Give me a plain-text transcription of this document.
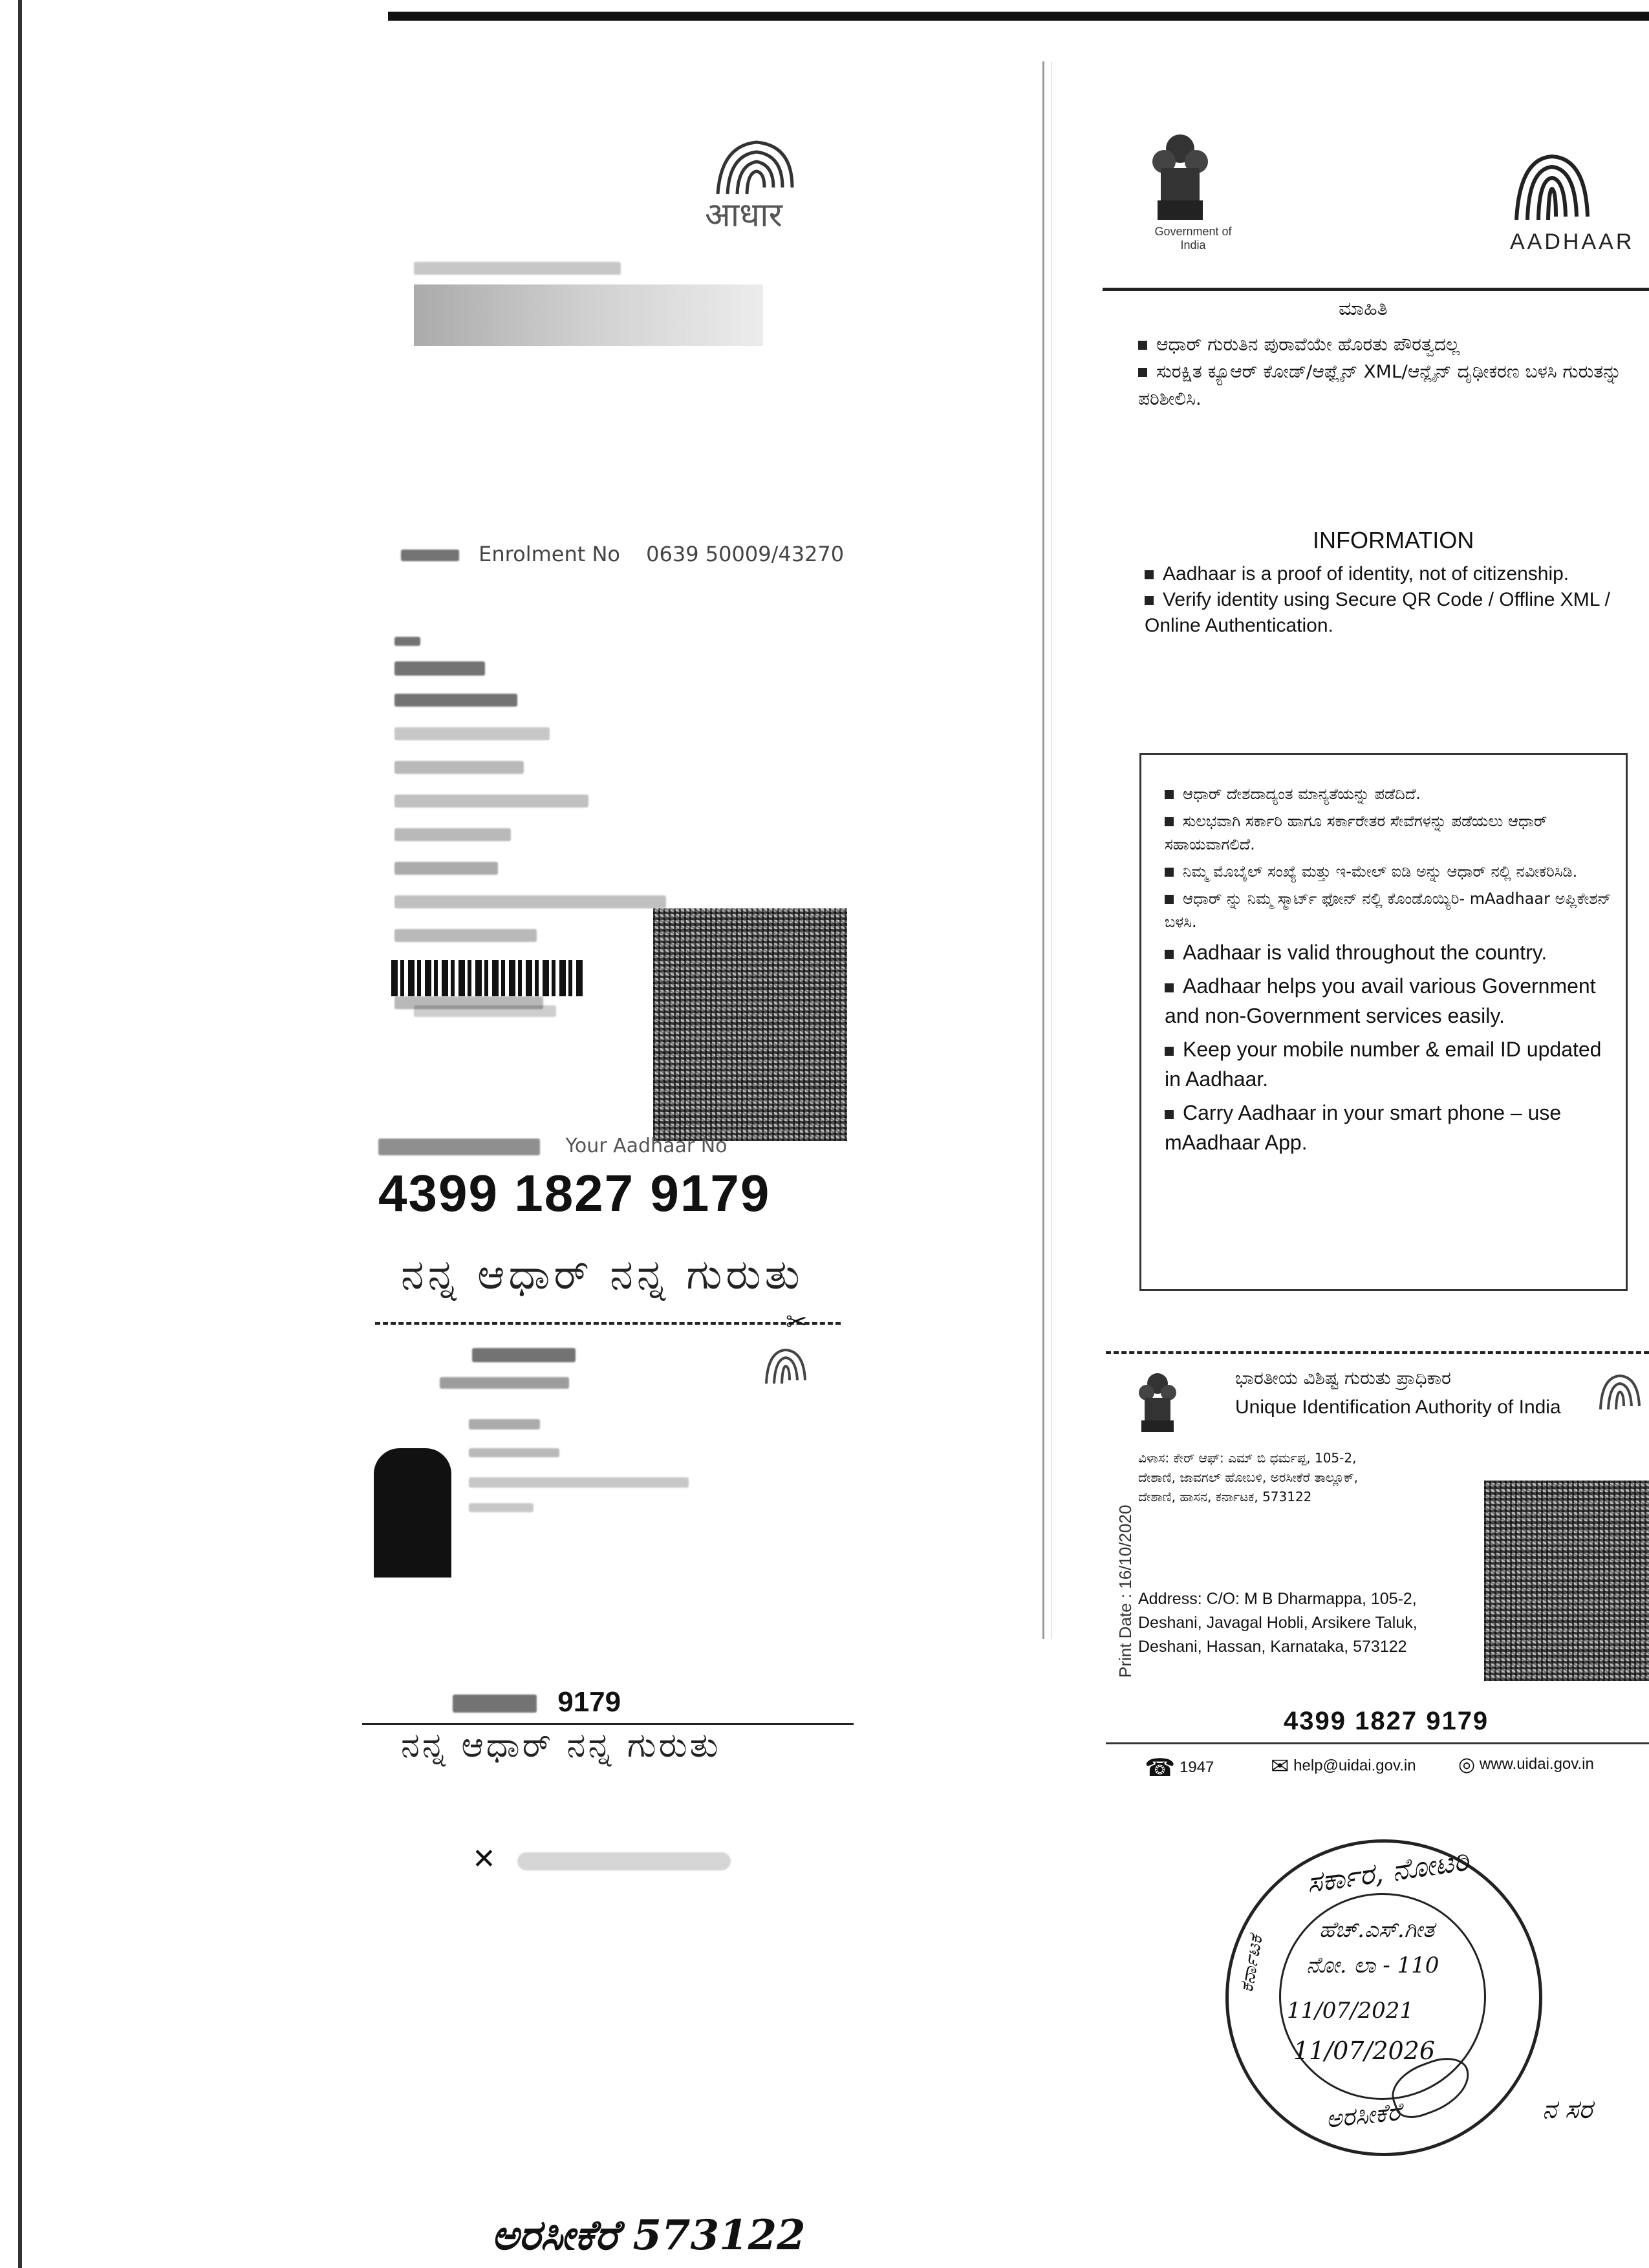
आधार
Enrolment No 0639 50009/43270
Your Aadhaar No
4399 1827 9179
ನನ್ನ ಆಧಾರ್ ನನ್ನ ಗುರುತು
✂
9179
ನನ್ನ ಆಧಾರ್ ನನ್ನ ಗುರುತು
✕
ಅರಸೀಕೆರೆ 573122
Government of India	AADHAAR
ಮಾಹಿತಿ
ಆಧಾರ್ ಗುರುತಿನ ಪುರಾವೆಯೇ ಹೊರತು ಪೌರತ್ವದಲ್ಲ
ಸುರಕ್ಷಿತ ಕ್ಯೂಆರ್ ಕೋಡ್/ಆಫ್ಲೈನ್ XML/ಆನ್ಲೈನ್ ದೃಢೀಕರಣ ಬಳಸಿ ಗುರುತನ್ನು ಪರಿಶೀಲಿಸಿ.
INFORMATION
Aadhaar is a proof of identity, not of citizenship.
Verify identity using Secure QR Code / Offline XML / Online Authentication.
ಆಧಾರ್ ದೇಶದಾದ್ಯಂತ ಮಾನ್ಯತೆಯನ್ನು ಪಡೆದಿದೆ.
ಸುಲಭವಾಗಿ ಸರ್ಕಾರಿ ಹಾಗೂ ಸರ್ಕಾರೇತರ ಸೇವೆಗಳನ್ನು ಪಡೆಯಲು ಆಧಾರ್ ಸಹಾಯವಾಗಲಿದೆ.
ನಿಮ್ಮ ಮೊಬೈಲ್ ಸಂಖ್ಯೆ ಮತ್ತು ಇ-ಮೇಲ್ ಐಡಿ ಅನ್ನು ಆಧಾರ್ ನಲ್ಲಿ ನವೀಕರಿಸಿಡಿ.
ಆಧಾರ್ ನ್ನು ನಿಮ್ಮ ಸ್ಮಾರ್ಟ್ ಫೋನ್ ನಲ್ಲಿ ಕೊಂಡೊಯ್ಯಿರಿ- mAadhaar ಅಪ್ಲಿಕೇಶನ್ ಬಳಸಿ.
Aadhaar is valid throughout the country.
Aadhaar helps you avail various Government and non-Government services easily.
Keep your mobile number & email ID updated in Aadhaar.
Carry Aadhaar in your smart phone – use mAadhaar App.
ಭಾರತೀಯ ವಿಶಿಷ್ಟ ಗುರುತು ಪ್ರಾಧಿಕಾರ
Unique Identification Authority of India
Print Date : 16/10/2020
ವಿಳಾಸ: ಕೇರ್ ಆಫ್: ಎಮ್ ಬಿ ಧರ್ಮಪ್ಪ, 105-2,
ದೇಶಾಣಿ, ಜಾವಗಲ್ ಹೋಬಳಿ, ಅರಸೀಕೆರೆ ತಾಲ್ಲೂಕ್,
ದೇಶಾಣಿ, ಹಾಸನ, ಕರ್ನಾಟಕ, 573122
Address: C/O: M B Dharmappa, 105-2,
Deshani, Javagal Hobli, Arsikere Taluk,
Deshani, Hassan, Karnataka, 573122
4399 1827 9179
☎ 1947	✉ help@uidai.gov.in ◎ www.uidai.gov.in
ಸರ್ಕಾರ, ನೋಟರಿ
ಹೆಚ್.ಎಸ್.ಗೀತ
ನೋ. ಲಾ - 110
11/07/2021
11/07/2026
ಅರಸೀಕೆರೆ
ಕರ್ನಾಟಕ
ನ ಸರ
